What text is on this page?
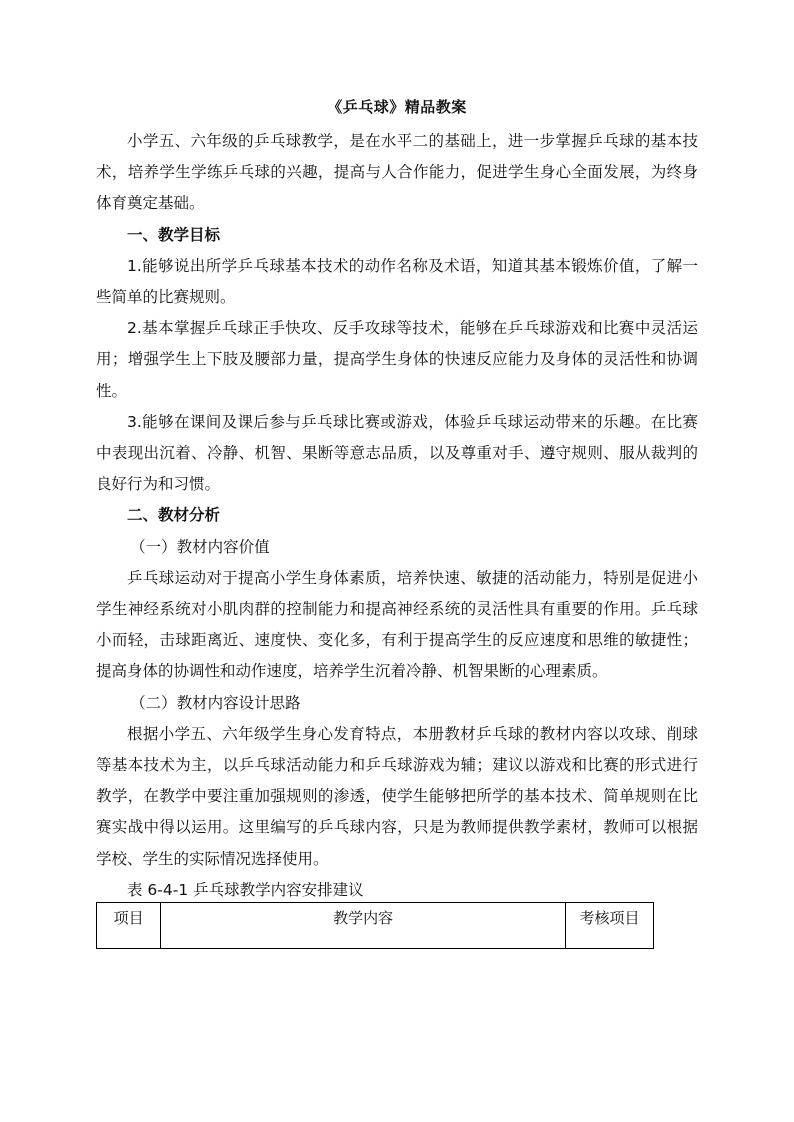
《乒乓球》精品教案

小学五、六年级的乒乓球教学，是在水平二的基础上，进一步掌握乒乓球的基本技术，培养学生学练乒乓球的兴趣，提高与人合作能力，促进学生身心全面发展，为终身体育奠定基础。

一、教学目标

1.能够说出所学乒乓球基本技术的动作名称及术语，知道其基本锻炼价值，了解一些简单的比赛规则。

2.基本掌握乒乓球正手快攻、反手攻球等技术，能够在乒乓球游戏和比赛中灵活运用；增强学生上下肢及腰部力量，提高学生身体的快速反应能力及身体的灵活性和协调性。

3.能够在课间及课后参与乒乓球比赛或游戏，体验乒乓球运动带来的乐趣。在比赛中表现出沉着、冷静、机智、果断等意志品质，以及尊重对手、遵守规则、服从裁判的良好行为和习惯。

二、教材分析

（一）教材内容价值

乒乓球运动对于提高小学生身体素质，培养快速、敏捷的活动能力，特别是促进小学生神经系统对小肌肉群的控制能力和提高神经系统的灵活性具有重要的作用。乒乓球小而轻，击球距离近、速度快、变化多，有利于提高学生的反应速度和思维的敏捷性；提高身体的协调性和动作速度，培养学生沉着冷静、机智果断的心理素质。

（二）教材内容设计思路

根据小学五、六年级学生身心发育特点，本册教材乒乓球的教材内容以攻球、削球等基本技术为主，以乒乓球活动能力和乒乓球游戏为辅；建议以游戏和比赛的形式进行教学，在教学中要注重加强规则的渗透，使学生能够把所学的基本技术、简单规则在比赛实战中得以运用。这里编写的乒乓球内容，只是为教师提供教学素材，教师可以根据学校、学生的实际情况选择使用。

表 6-4-1 乒乓球教学内容安排建议

项目	教学内容	考核项目
